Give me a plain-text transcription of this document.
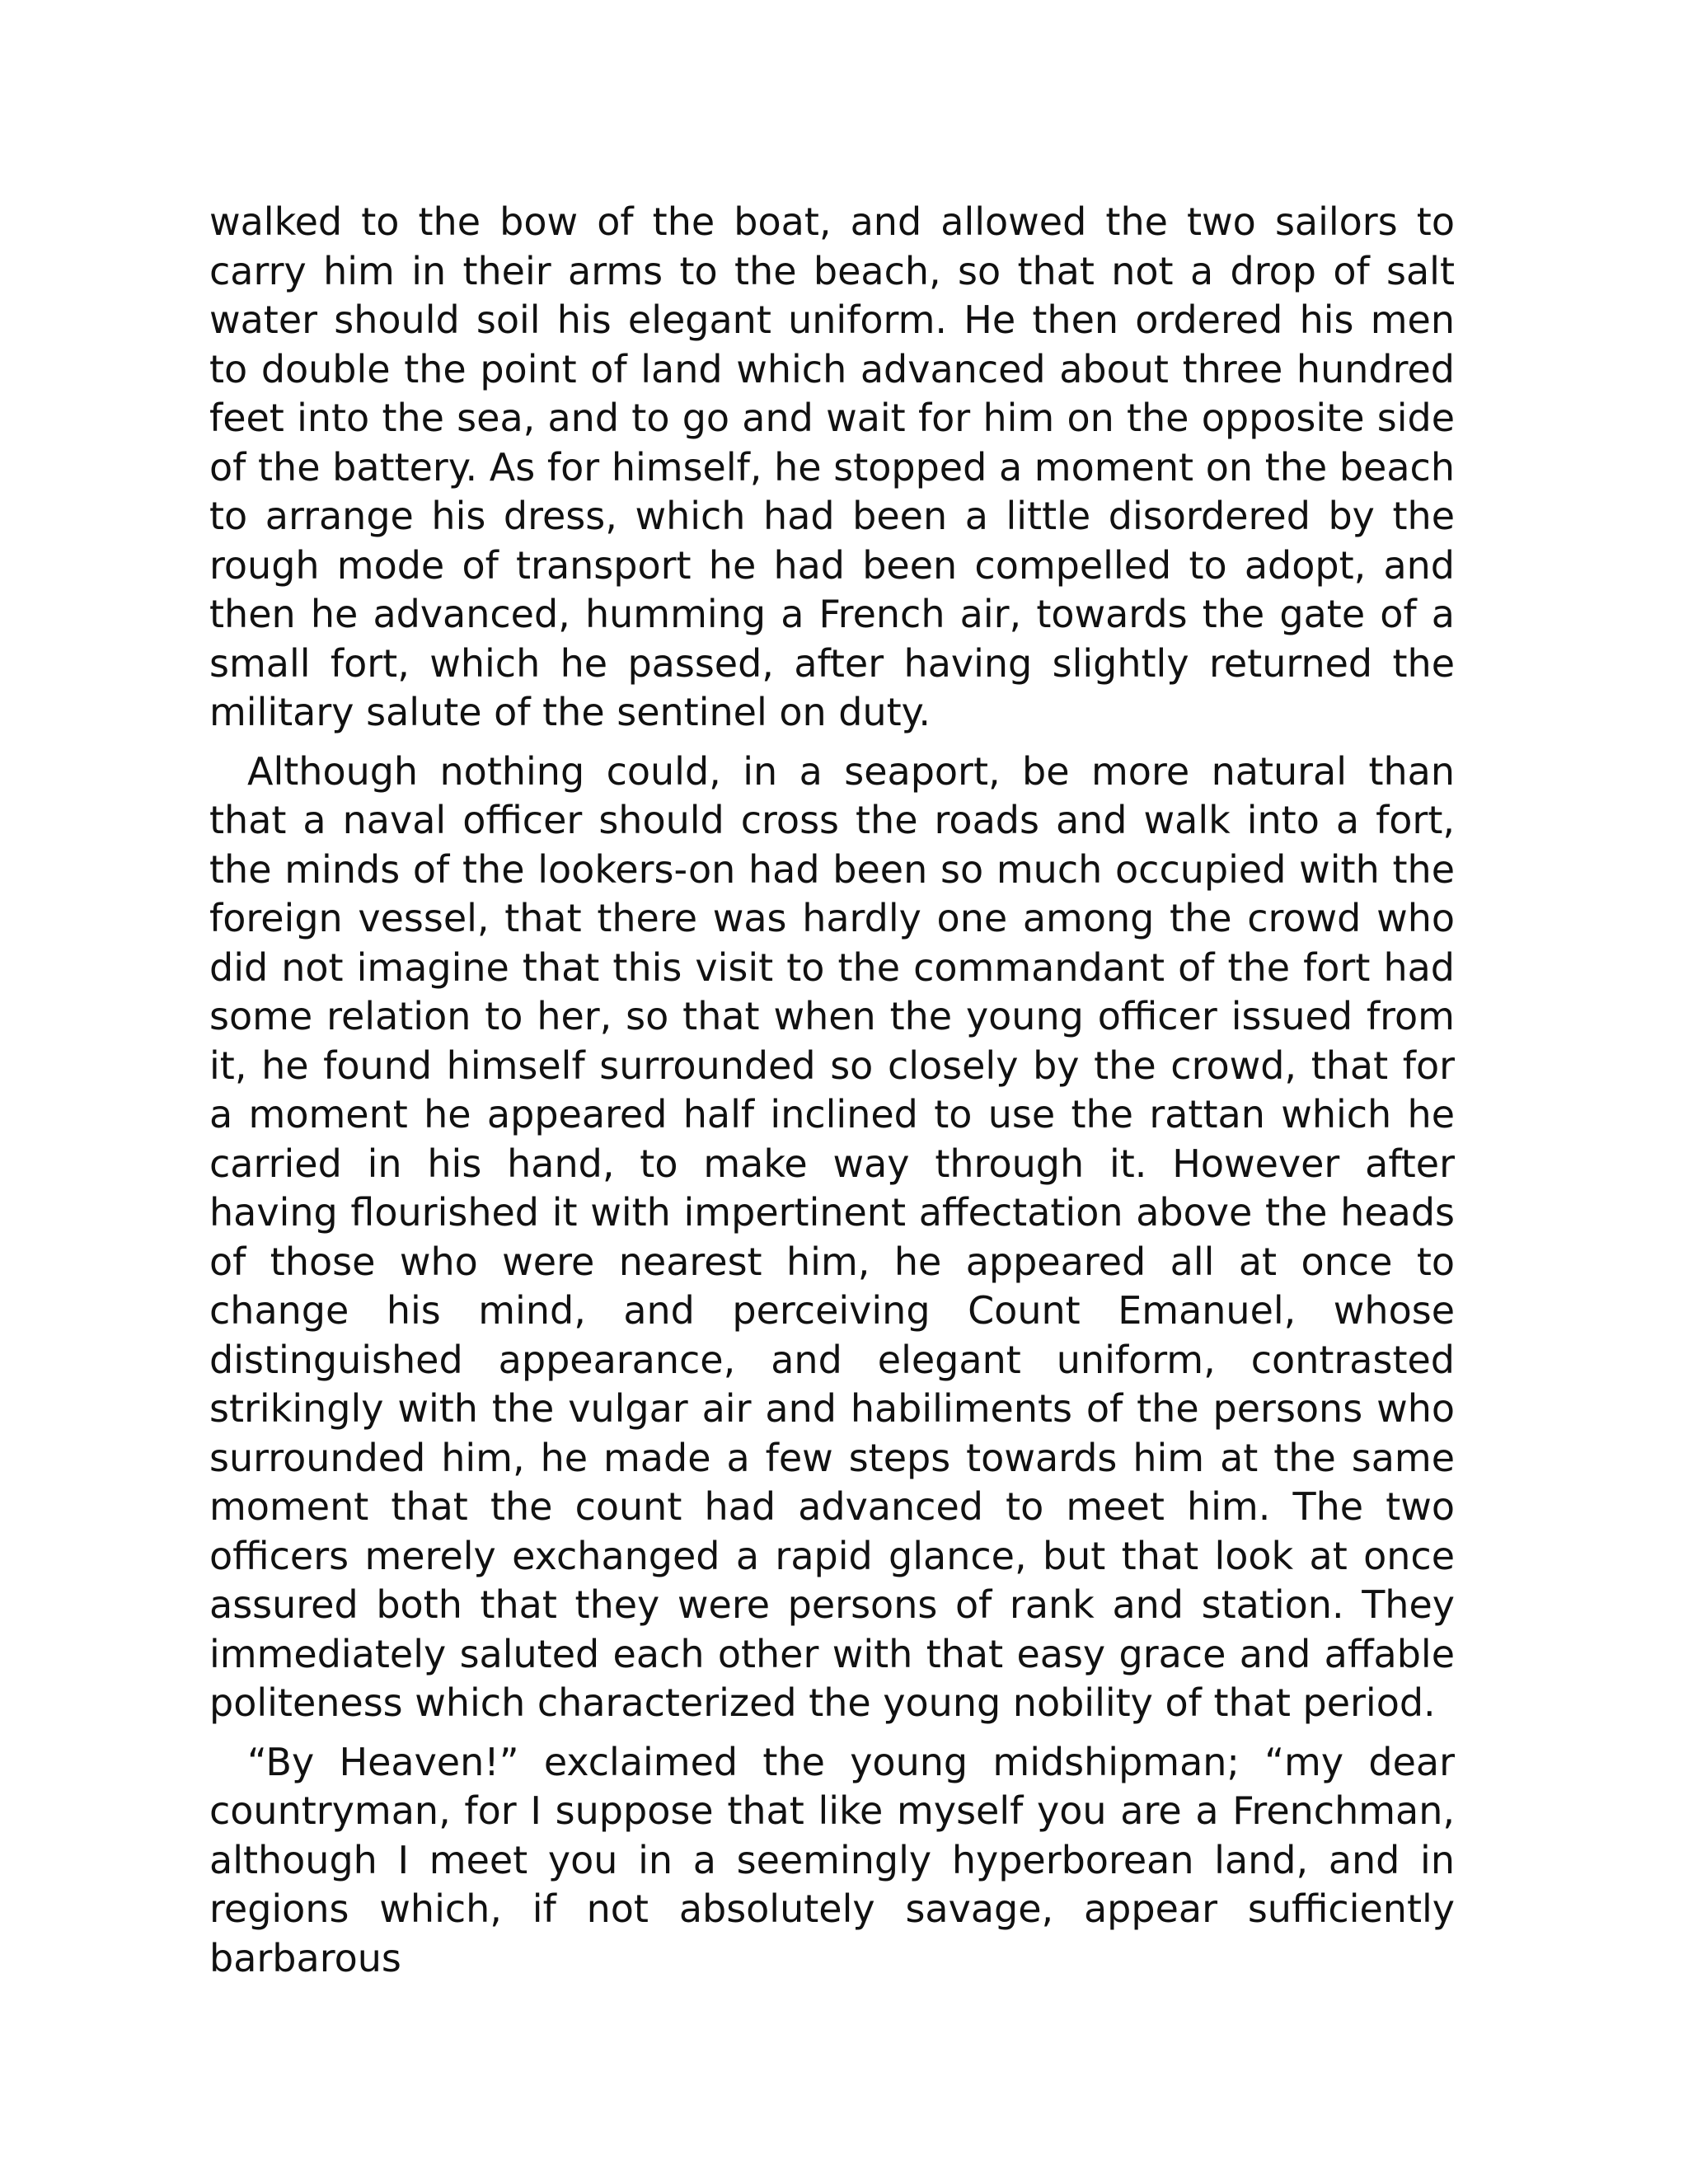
walked to the bow of the boat, and allowed the two sailors to carry him in their arms to the beach, so that not a drop of salt water should soil his elegant uniform. He then ordered his men to double the point of land which advanced about three hundred feet into the sea, and to go and wait for him on the opposite side of the battery. As for himself, he stopped a moment on the beach to arrange his dress, which had been a little disordered by the rough mode of transport he had been compelled to adopt, and then he advanced, humming a French air, towards the gate of a small fort, which he passed, after having slightly returned the military salute of the sentinel on duty.

Although nothing could, in a seaport, be more natural than that a naval officer should cross the roads and walk into a fort, the minds of the lookers-on had been so much occupied with the foreign vessel, that there was hardly one among the crowd who did not imagine that this visit to the commandant of the fort had some relation to her, so that when the young officer issued from it, he found himself surrounded so closely by the crowd, that for a moment he appeared half inclined to use the rattan which he carried in his hand, to make way through it. However after having flourished it with impertinent affectation above the heads of those who were nearest him, he appeared all at once to change his mind, and perceiving Count Emanuel, whose distinguished appearance, and elegant uniform, contrasted strikingly with the vulgar air and habiliments of the persons who surrounded him, he made a few steps towards him at the same moment that the count had advanced to meet him. The two officers merely exchanged a rapid glance, but that look at once assured both that they were persons of rank and station. They immediately saluted each other with that easy grace and affable politeness which characterized the young nobility of that period.

“By Heaven!” exclaimed the young midshipman; “my dear countryman, for I suppose that like myself you are a Frenchman, although I meet you in a seemingly hyperborean land, and in regions which, if not absolutely savage, appear sufficiently barbarous
